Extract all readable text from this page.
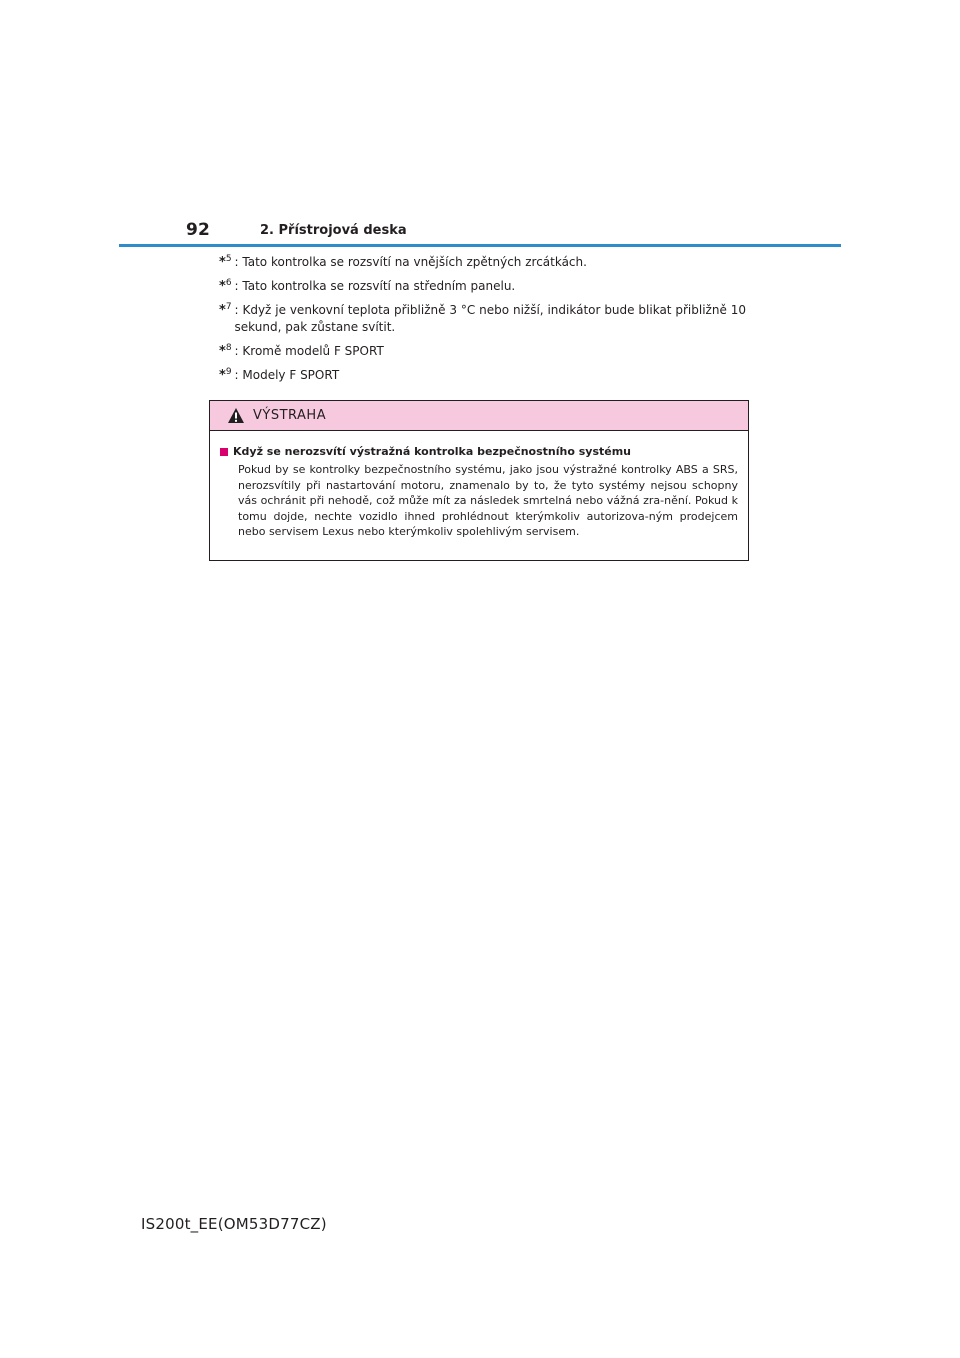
92	2. Přístrojová deska
*$^5$ : Tato kontrolka se rozsvítí na vnějších zpětných zrcátkách.
*$^6$ : Tato kontrolka se rozsvítí na středním panelu.
*$^7$ : Když je venkovní teplota přibližně 3 °C nebo nižší, indikátor bude blikat přibližně 10 sekund, pak zůstane svítit.
*$^8$ : Kromě modelů F SPORT
*$^9$ : Modely F SPORT
VÝSTRAHA
Když se nerozsvítí výstražná kontrolka bezpečnostního systému
Pokud by se kontrolky bezpečnostního systému, jako jsou výstražné kontrolky ABS a SRS, nerozsvítily při nastartování motoru, znamenalo by to, že tyto systémy nejsou schopny vás ochránit při nehodě, což může mít za následek smrtelná nebo vážná zra-nění. Pokud k tomu dojde, nechte vozidlo ihned prohlédnout kterýmkoliv autorizova-ným prodejcem nebo servisem Lexus nebo kterýmkoliv spolehlivým servisem.
IS200t_EE(OM53D77CZ)
